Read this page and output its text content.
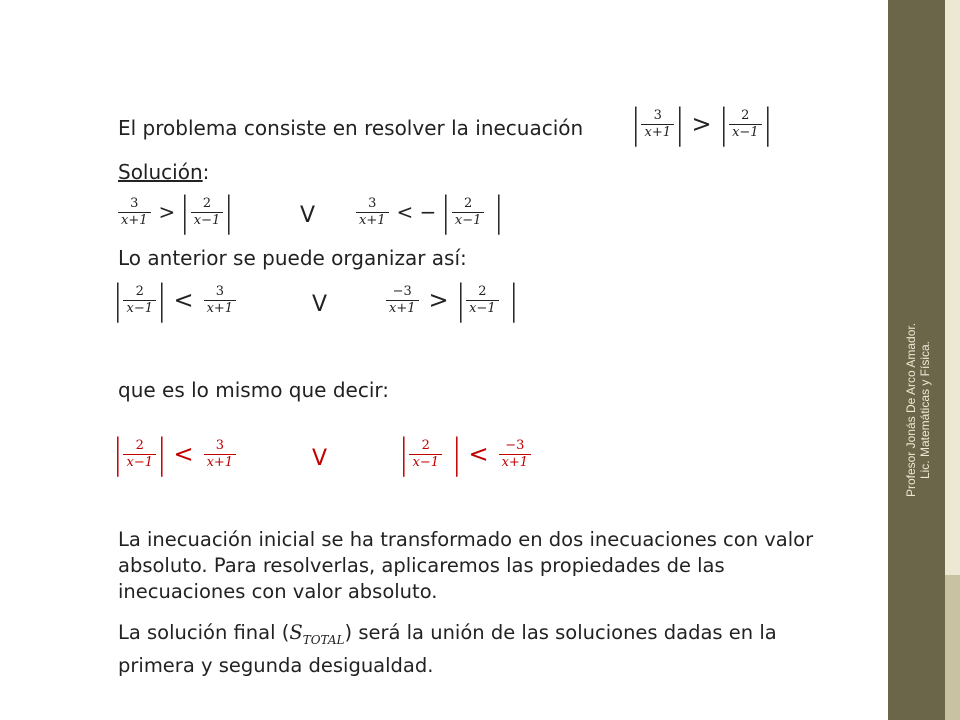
El problema consiste en resolver la inecuación | $\frac{3}{x+1}$ | > | $\frac{2}{x-1}$ |
Solución:
$\frac{3}{x+1}$ > | $\frac{2}{x-1}$ |	V	$\frac{3}{x+1}$ < − | $\frac{2}{x-1}$ |
Lo anterior se puede organizar así:
| $\frac{2}{x-1}$ | < $\frac{3}{x+1}$	V	$\frac{-3}{x+1}$ > | $\frac{2}{x-1}$ |
que es lo mismo que decir:
| $\frac{2}{x-1}$ | < $\frac{3}{x+1}$	V | $\frac{2}{x-1}$ | < $\frac{-3}{x+1}$
La inecuación inicial se ha transformado en dos inecuaciones con valor absoluto. Para resolverlas, aplicaremos las propiedades de las inecuaciones con valor absoluto.
La solución final $(S_{TOTAL})$ será la unión de las soluciones dadas en la primera y segunda desigualdad.
Profesor Jonás De Arco Amador. Lic. Matemáticas y Física.
